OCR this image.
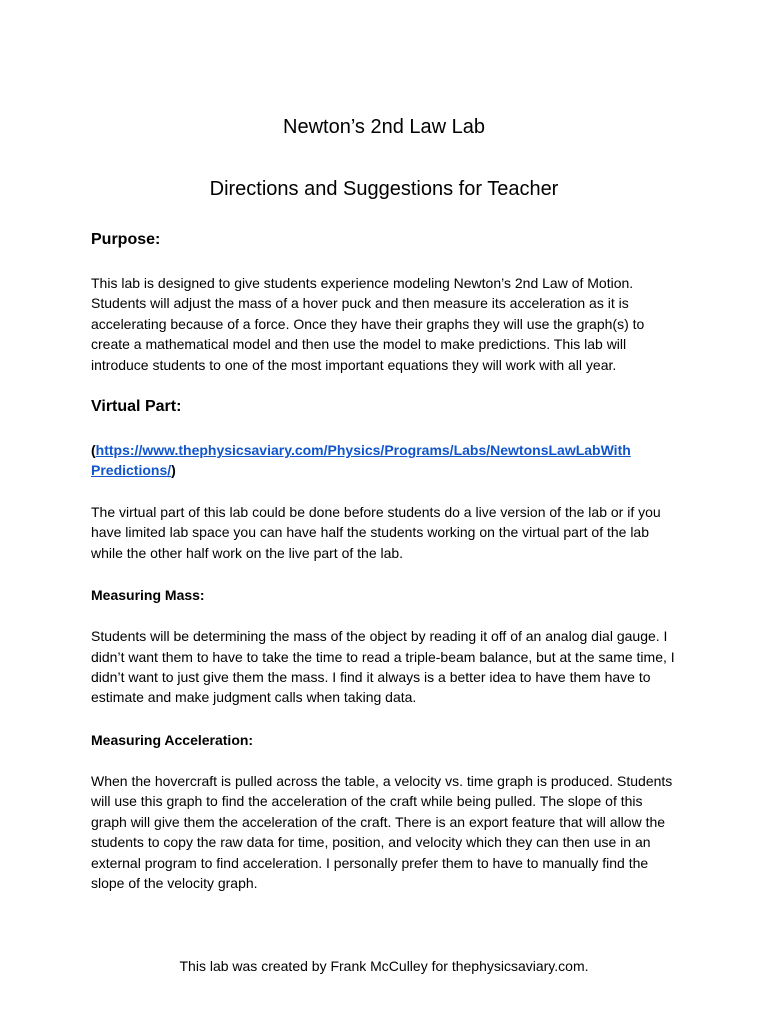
Newton’s 2nd Law Lab
Directions and Suggestions for Teacher

Purpose:

This lab is designed to give students experience modeling Newton’s 2nd Law of Motion. Students will adjust the mass of a hover puck and then measure its acceleration as it is accelerating because of a force. Once they have their graphs they will use the graph(s) to create a mathematical model and then use the model to make predictions. This lab will introduce students to one of the most important equations they will work with all year.

Virtual Part:

(https://www.thephysicsaviary.com/Physics/Programs/Labs/NewtonsLawLabWith
Predictions/)

The virtual part of this lab could be done before students do a live version of the lab or if you have limited lab space you can have half the students working on the virtual part of the lab while the other half work on the live part of the lab.

Measuring Mass:

Students will be determining the mass of the object by reading it off of an analog dial gauge. I didn’t want them to have to take the time to read a triple-beam balance, but at the same time, I didn’t want to just give them the mass. I find it always is a better idea to have them have to estimate and make judgment calls when taking data.

Measuring Acceleration:

When the hovercraft is pulled across the table, a velocity vs. time graph is produced. Students will use this graph to find the acceleration of the craft while being pulled. The slope of this graph will give them the acceleration of the craft. There is an export feature that will allow the students to copy the raw data for time, position, and velocity which they can then use in an external program to find acceleration. I personally prefer them to have to manually find the slope of the velocity graph.

This lab was created by Frank McCulley for thephysicsaviary.com.
